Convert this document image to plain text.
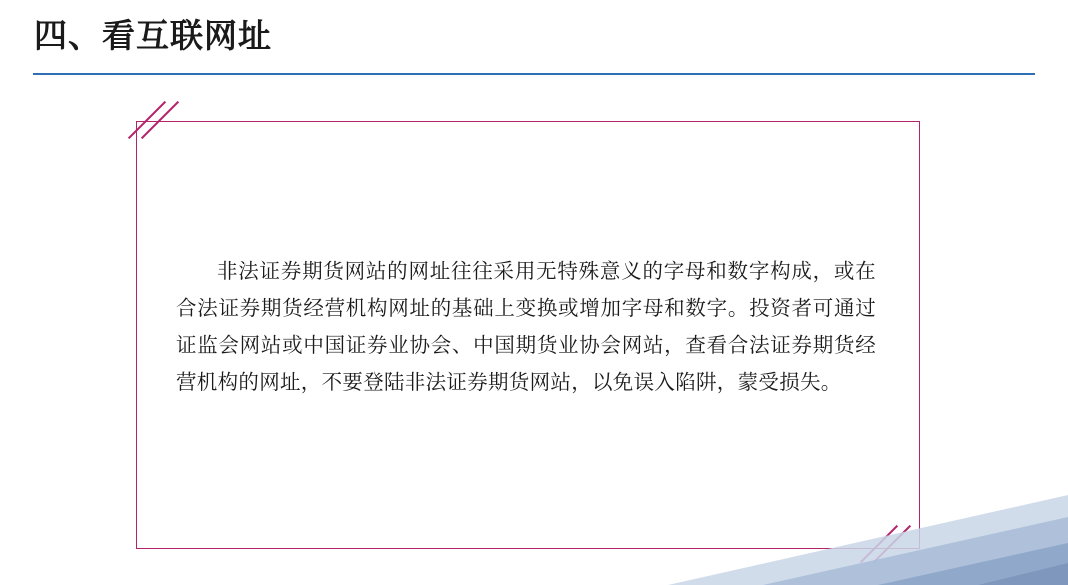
四、看互联网址
非法证券期货网站的网址往往采用无特殊意义的字母和数字构成，或在合法证券期货经营机构网址的基础上变换或增加字母和数字。投资者可通过证监会网站或中国证券业协会、中国期货业协会网站，查看合法证券期货经营机构的网址，不要登陆非法证券期货网站，以免误入陷阱，蒙受损失。
